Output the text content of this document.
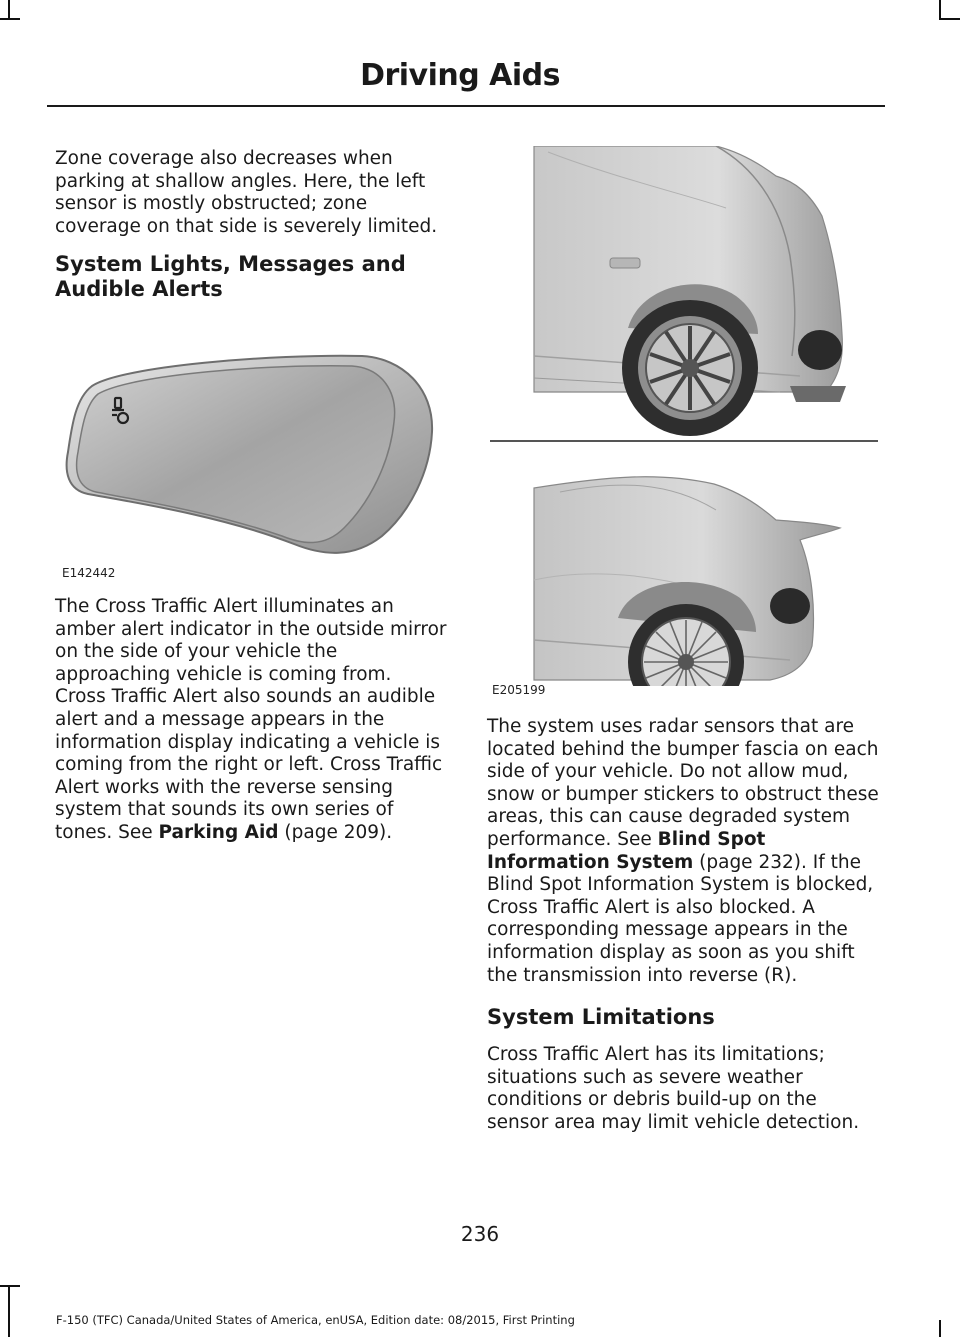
Driving Aids

Zone coverage also decreases when parking at shallow angles. Here, the left sensor is mostly obstructed; zone coverage on that side is severely limited.

System Lights, Messages and Audible Alerts

E142442

The Cross Traffic Alert illuminates an amber alert indicator in the outside mirror on the side of your vehicle the approaching vehicle is coming from. Cross Traffic Alert also sounds an audible alert and a message appears in the information display indicating a vehicle is coming from the right or left. Cross Traffic Alert works with the reverse sensing system that sounds its own series of tones. See Parking Aid (page 209).

E205199

The system uses radar sensors that are located behind the bumper fascia on each side of your vehicle. Do not allow mud, snow or bumper stickers to obstruct these areas, this can cause degraded system performance. See Blind Spot Information System (page 232). If the Blind Spot Information System is blocked, Cross Traffic Alert is also blocked. A corresponding message appears in the information display as soon as you shift the transmission into reverse (R).

System Limitations

Cross Traffic Alert has its limitations; situations such as severe weather conditions or debris build-up on the sensor area may limit vehicle detection.

236
F-150 (TFC) Canada/United States of America, enUSA, Edition date: 08/2015, First Printing
